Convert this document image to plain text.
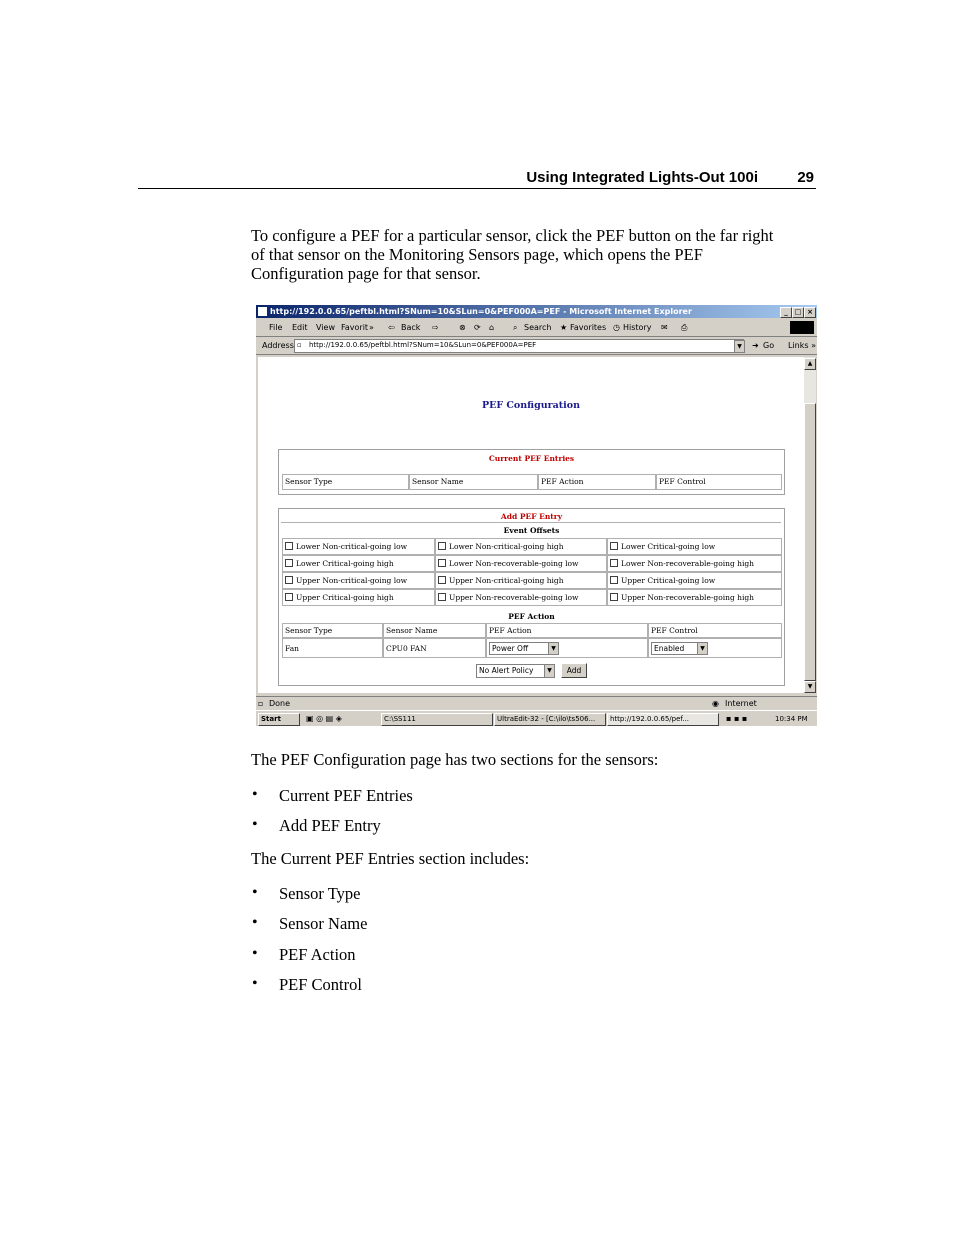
Using Integrated Lights-Out 100i	29
To configure a PEF for a particular sensor, click the PEF button on the far right
of that sensor on the Monitoring Sensors page, which opens the PEF
Configuration page for that sensor.
http://192.0.0.65/peftbl.html?SNum=10&SLun=0&PEF000A=PEF - Microsoft Internet Explorer	_ □ ×
File Edit View Favorit » ⇦ Back ⇨	⊗ ⟳ ⌂ ⌕ Search ★ Favorites ◷ History ✉ ⎙
Address ▫ http://192.0.0.65/peftbl.html?SNum=10&SLun=0&PEF000A=PEF	▼	➜ Go Links »
PEF Configuration
Current PEF Entries
Sensor Type	Sensor Name	PEF Action	PEF Control
Add PEF Entry
Event Offsets
Lower Non-critical-going low	Lower Non-critical-going high	Lower Critical-going low
Lower Critical-going high	Lower Non-recoverable-going low	Lower Non-recoverable-going high
Upper Non-critical-going low	Upper Non-critical-going high	Upper Critical-going low
Upper Critical-going high	Upper Non-recoverable-going low	Upper Non-recoverable-going high
PEF Action
Sensor Type	Sensor Name	PEF Action	PEF Control
Fan	CPU0 FAN	Power Off	▼	Enabled	▼
No Alert Policy	▼	Add
▲
▼
▫ Done	◉ Internet
Start	▣ ◎ ▤ ◈	C:\SS111	UltraEdit-32 - [C:\ilo\ts506...	http://192.0.0.65/pef...	▪ ▪ ▪	10:34 PM
The PEF Configuration page has two sections for the sensors:
• Current PEF Entries
• Add PEF Entry
The Current PEF Entries section includes:
• Sensor Type
• Sensor Name
• PEF Action
• PEF Control
